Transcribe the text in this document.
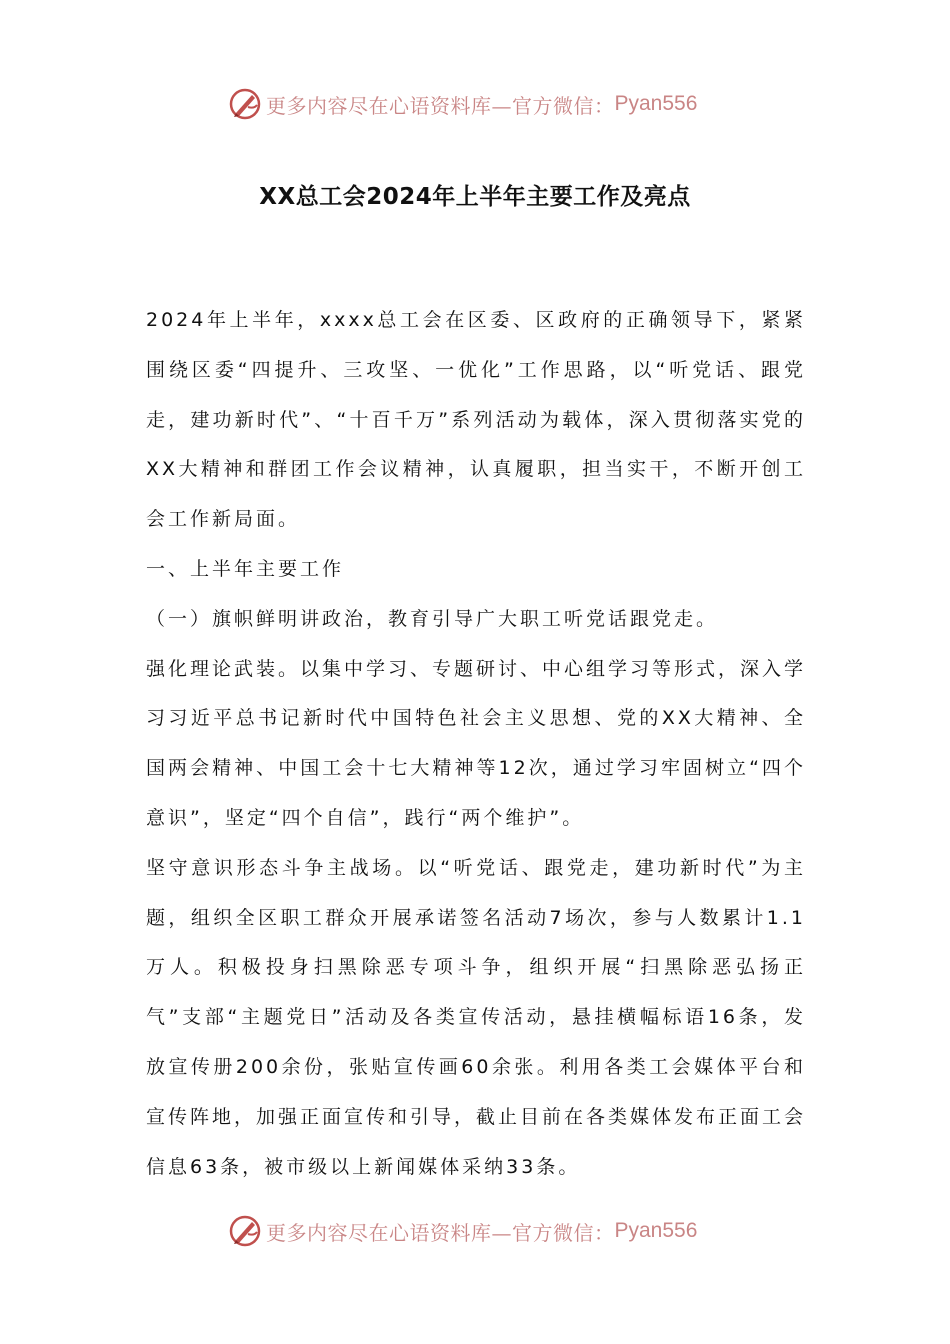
更多内容尽在心语资料库—官方微信： Pyan556
XX总工会2024年上半年主要工作及亮点

2024年上半年，xxxx总工会在区委、区政府的正确领导下，紧紧围绕区委“四提升、三攻坚、一优化”工作思路，以“听党话、跟党走，建功新时代”、“十百千万”系列活动为载体，深入贯彻落实党的XX大精神和群团工作会议精神，认真履职，担当实干，不断开创工会工作新局面。

一、上半年主要工作

（一）旗帜鲜明讲政治，教育引导广大职工听党话跟党走。

强化理论武装。以集中学习、专题研讨、中心组学习等形式，深入学习习近平总书记新时代中国特色社会主义思想、党的XX大精神、全国两会精神、中国工会十七大精神等12次，通过学习牢固树立“四个意识”，坚定“四个自信”，践行“两个维护”。

坚守意识形态斗争主战场。以“听党话、跟党走，建功新时代”为主题，组织全区职工群众开展承诺签名活动7场次，参与人数累计1.1万人。积极投身扫黑除恶专项斗争，组织开展“扫黑除恶弘扬正气”支部“主题党日”活动及各类宣传活动，悬挂横幅标语16条，发放宣传册200余份，张贴宣传画60余张。利用各类工会媒体平台和宣传阵地，加强正面宣传和引导，截止目前在各类媒体发布正面工会信息63条，被市级以上新闻媒体采纳33条。

更多内容尽在心语资料库—官方微信： Pyan556
